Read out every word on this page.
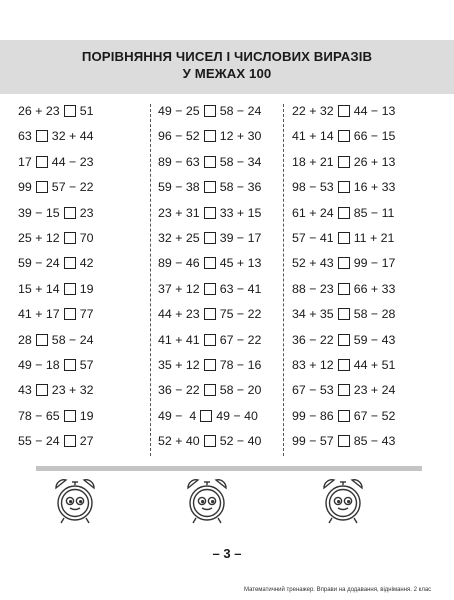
ПОРІВНЯННЯ ЧИСЕЛ І ЧИСЛОВИХ ВИРАЗІВ
У МЕЖАХ 100
26 + 23 51
63 32 + 44
17 44 − 23
99 57 − 22
39 − 15 23
25 + 12 70
59 − 24 42
15 + 14 19
41 + 17 77
28 58 − 24
49 − 18 57
43 23 + 32
78 − 65 19
55 − 24 27
49 − 25 58 − 24
96 − 52 12 + 30
89 − 63 58 − 34
59 − 38 58 − 36
23 + 31 33 + 15
32 + 25 39 − 17
89 − 46 45 + 13
37 + 12 63 − 41
44 + 23 75 − 22
41 + 41 67 − 22
35 + 12 78 − 16
36 − 22 58 − 20
49 −  4 49 − 40
52 + 40 52 − 40
22 + 32 44 − 13
41 + 14 66 − 15
18 + 21 26 + 13
98 − 53 16 + 33
61 + 24 85 − 11
57 − 41 11 + 21
52 + 43 99 − 17
88 − 23 66 + 33
34 + 35 58 − 28
36 − 22 59 − 43
83 + 12 44 + 51
67 − 53 23 + 24
99 − 86 67 − 52
99 − 57 85 − 43
– 3 –
Математичний тренажер. Вправи на додавання, віднімання. 2 клас
